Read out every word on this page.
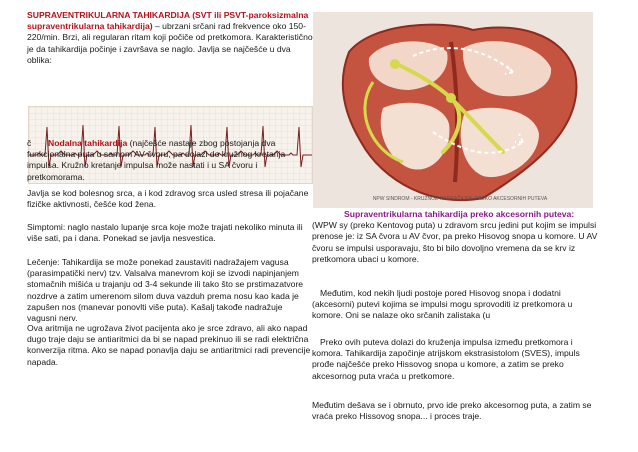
SUPRAVENTRIKULARNA TAHIKARDIJA (SVT ili PSVT-paroksizmalna supraventrikularna tahikardija) – ubrzani srčani rad frekvence oko 150-220/min. Brzi, ali regularan ritam koji počiče od pretkomora. Karakteristično je da tahikardija počinje i završava se naglo. Javlja se najčešće u dva oblika:

č Nodalna tahikardija (najčešće nastaje zbog postojanja dva funkcionalna puta u samom AV čvoru, pa dolazi do kružnog kretanja impulsa. Kružno kretanje impulsa može nastati i u SA čvoru i pretkomorama.

Javlja se kod bolesnog srca, a i kod zdravog srca usled stresa ili pojačane fizičke aktivnosti, češće kod žena.

Simptomi: naglo nastalo lupanje srca koje može trajati nekoliko minuta ili više sati, pa i dana. Ponekad se javlja nesvestica.

Lečenje: Tahikardija se može ponekad zaustaviti nadražajem vagusa (parasimpatički nerv) tzv. Valsalva manevrom koji se izvodi napinjanjem stomačnih mišića u trajanju od 3-4 sekunde ili tako što se prstimazatvore nozdrve a zatim umerenom silom duva vazduh prema nosu kao kada je zapušen nos (manevar ponovlti više puta). Kašalj takođe nadražuje vagusni nerv.

Ova aritmija ne ugrožava život pacijenta ako je srce zdravo, ali ako napad dugo traje daju se antiaritmici da bi se napad prekinuo ili se radi električna konverzija ritma. Ako se napad ponavlja daju se antiaritmici radi prevencije napada.

NPW SINDROM - KRUŽNOE NADRAŽAJNE PREKO AKCESORNIH PUTEVA

Supraventrikularna tahikardija preko akcesornih puteva:
(WPW sy (preko Kentovog puta) u zdravom srcu jedini put kojim se impulsi prenose je: iz SA čvora u AV čvor, pa preko Hisovog snopa u komore. U AV čvoru se impulsi usporavaju, što bi bilo dovoljno vremena da se krv iz pretkomora ubaci u komore.

Međutim, kod nekih ljudi postoje pored Hisovog snopa i dodatni (akcesorni) putevi kojima se impulsi mogu sprovoditi iz pretkomora u komore. Oni se nalaze oko srčanih zalistaka (u

Preko ovih puteva dolazi do kruženja impulsa između pretkomora i komora. Tahikardija započinje atrijskom ekstrasistolom (SVES), impuls prođe najčešće preko Hissovog snopa u komore, a zatim se preko akcesornog puta vraća u pretkomore.

Međutim dešava se i obrnuto, prvo ide preko akcesornog puta, a zatim se vraća preko Hissovog snopa... i proces traje.
